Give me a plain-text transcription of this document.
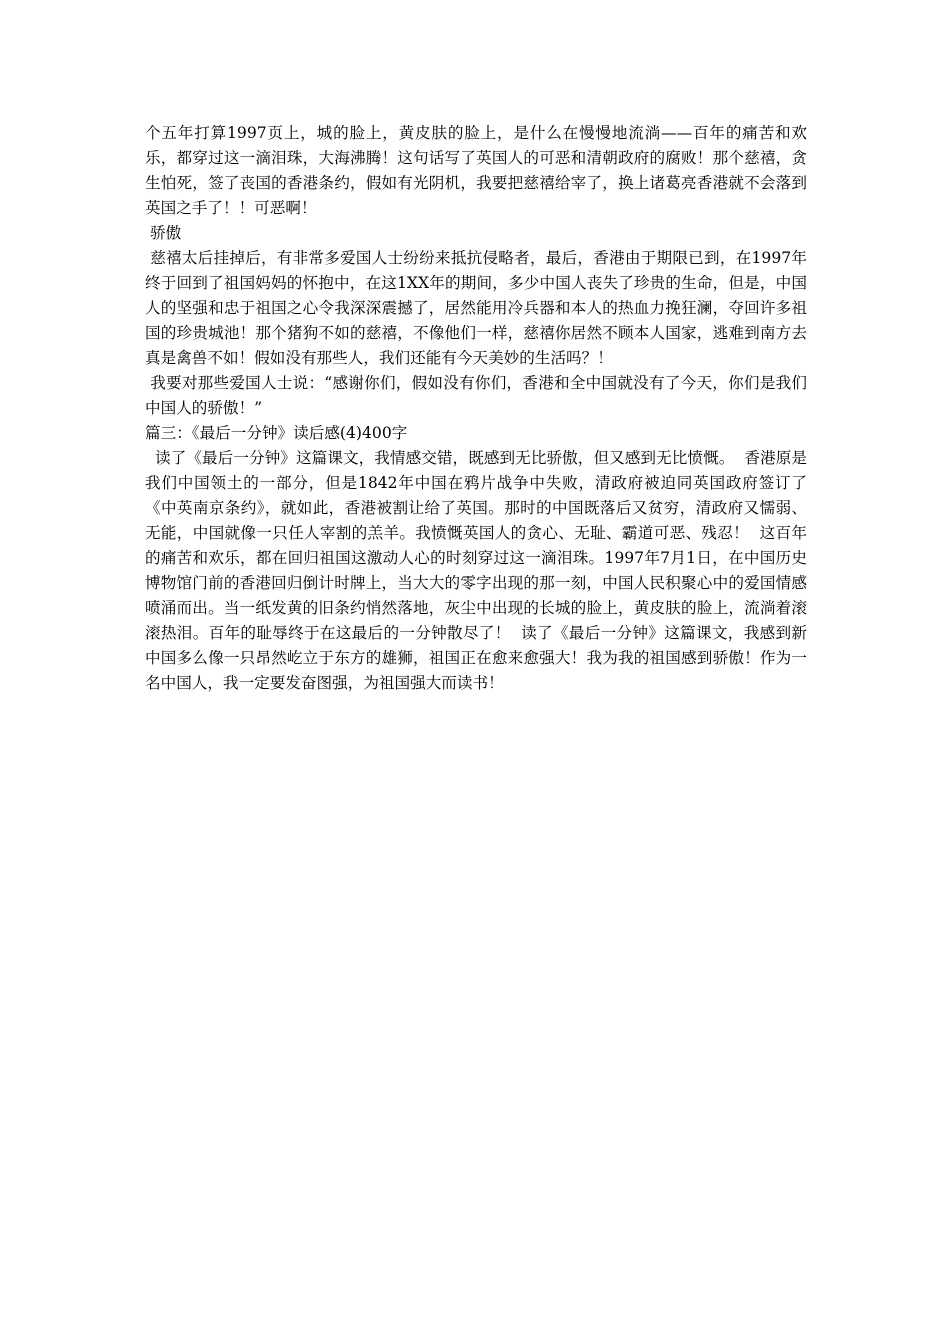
个五年打算1997页上，城的脸上，黄皮肤的脸上，是什么在慢慢地流淌——百年的痛苦和欢乐，都穿过这一滴泪珠，大海沸腾！这句话写了英国人的可恶和清朝政府的腐败！那个慈禧，贪生怕死，签了丧国的香港条约，假如有光阴机，我要把慈禧给宰了，换上诸葛亮香港就不会落到英国之手了！！可恶啊！

骄傲

慈禧太后挂掉后，有非常多爱国人士纷纷来抵抗侵略者，最后，香港由于期限已到，在1997年终于回到了祖国妈妈的怀抱中，在这1XX年的期间，多少中国人丧失了珍贵的生命，但是，中国人的坚强和忠于祖国之心令我深深震撼了，居然能用冷兵器和本人的热血力挽狂澜，夺回许多祖国的珍贵城池！那个猪狗不如的慈禧，不像他们一样，慈禧你居然不顾本人国家，逃难到南方去真是禽兽不如！假如没有那些人，我们还能有今天美妙的生活吗？！

我要对那些爱国人士说：“感谢你们，假如没有你们，香港和全中国就没有了今天，你们是我们中国人的骄傲！”

篇三：《最后一分钟》读后感(4)400字

读了《最后一分钟》这篇课文，我情感交错，既感到无比骄傲，但又感到无比愤慨。  香港原是我们中国领土的一部分，但是1842年中国在鸦片战争中失败，清政府被迫同英国政府签订了《中英南京条约》，就如此，香港被割让给了英国。那时的中国既落后又贫穷，清政府又懦弱、无能，中国就像一只任人宰割的羔羊。我愤慨英国人的贪心、无耻、霸道可恶、残忍！  这百年的痛苦和欢乐，都在回归祖国这激动人心的时刻穿过这一滴泪珠。1997年7月1日，在中国历史博物馆门前的香港回归倒计时牌上，当大大的零字出现的那一刻，中国人民积聚心中的爱国情感喷涌而出。当一纸发黄的旧条约悄然落地，灰尘中出现的长城的脸上，黄皮肤的脸上，流淌着滚滚热泪。百年的耻辱终于在这最后的一分钟散尽了！  读了《最后一分钟》这篇课文，我感到新中国多么像一只昂然屹立于东方的雄狮，祖国正在愈来愈强大！我为我的祖国感到骄傲！作为一名中国人，我一定要发奋图强，为祖国强大而读书！
